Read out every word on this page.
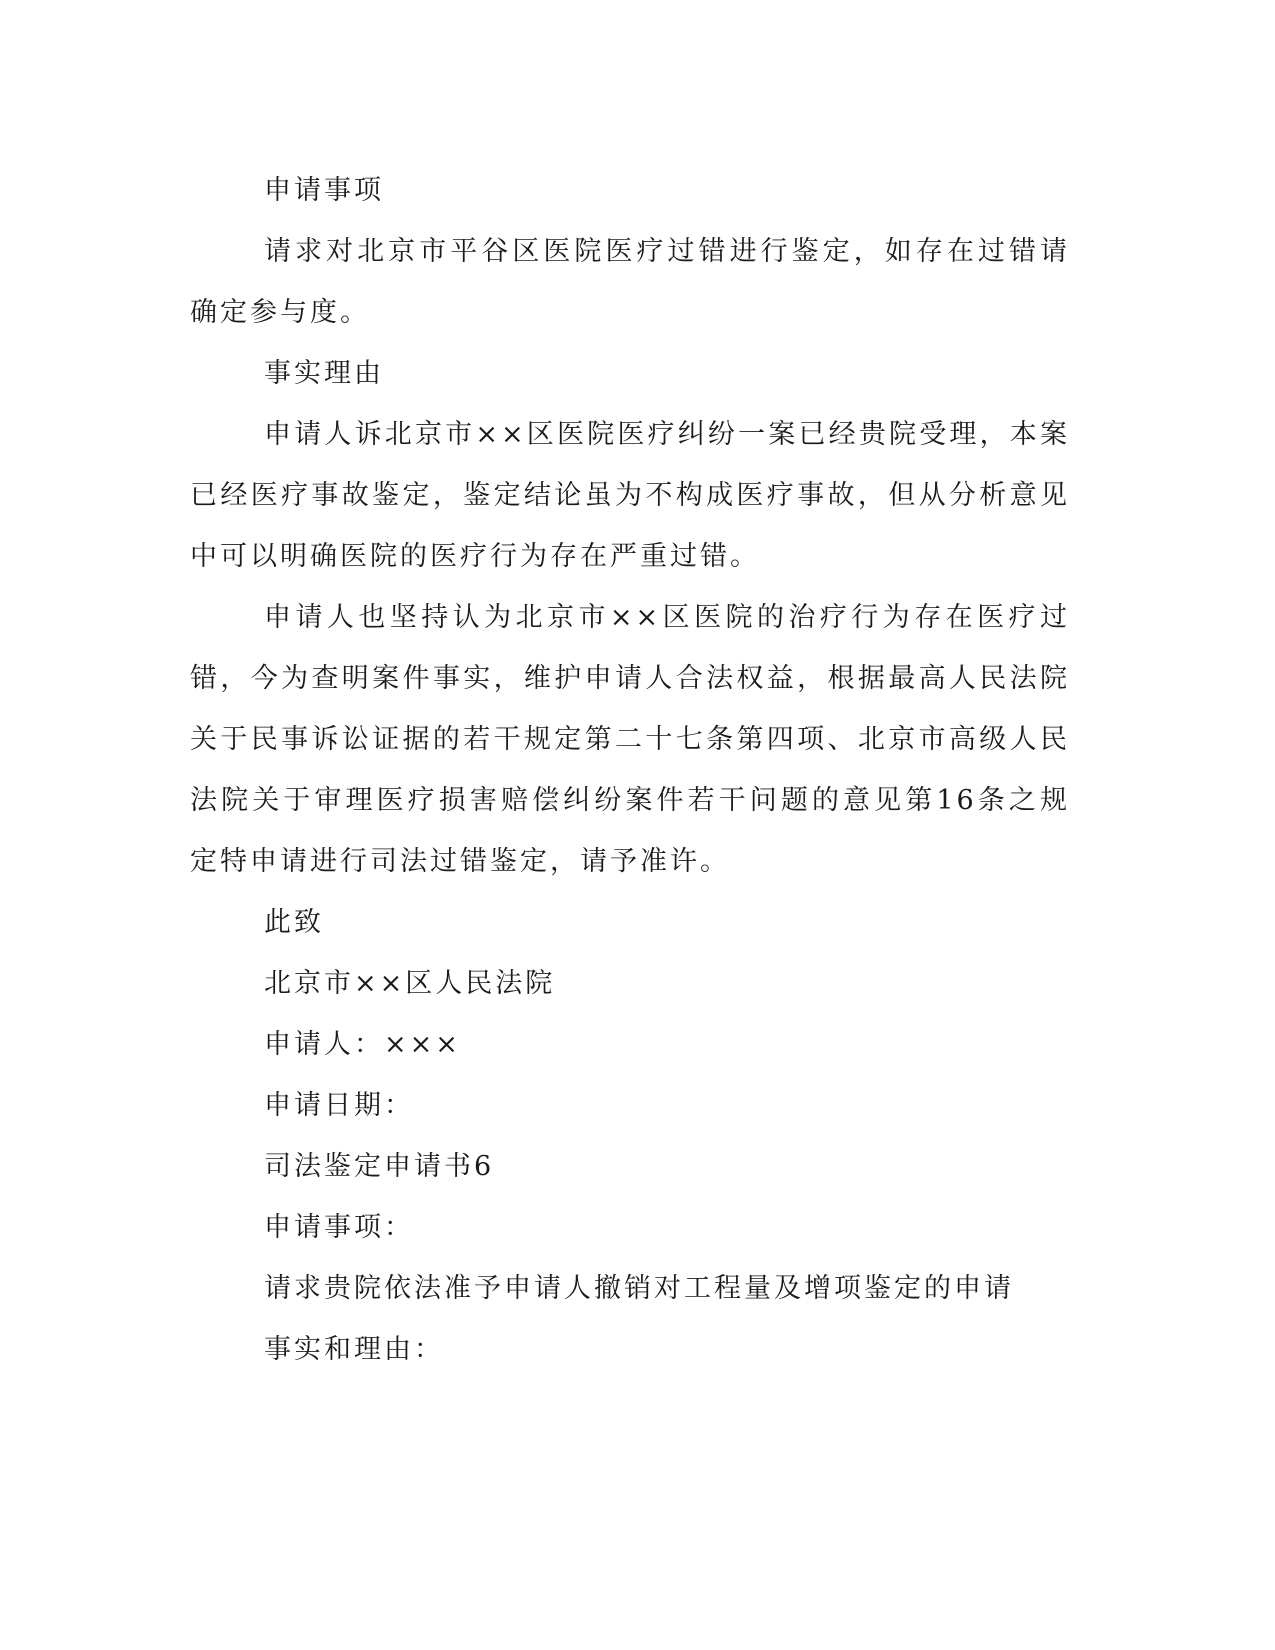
申请事项

请求对北京市平谷区医院医疗过错进行鉴定，如存在过错请确定参与度。

事实理由

申请人诉北京市××区医院医疗纠纷一案已经贵院受理，本案已经医疗事故鉴定，鉴定结论虽为不构成医疗事故，但从分析意见中可以明确医院的医疗行为存在严重过错。

申请人也坚持认为北京市××区医院的治疗行为存在医疗过错，今为查明案件事实，维护申请人合法权益，根据最高人民法院关于民事诉讼证据的若干规定第二十七条第四项、北京市高级人民法院关于审理医疗损害赔偿纠纷案件若干问题的意见第16条之规定特申请进行司法过错鉴定，请予准许。

此致

北京市××区人民法院

申请人：×××

申请日期：

司法鉴定申请书6

申请事项：

请求贵院依法准予申请人撤销对工程量及增项鉴定的申请

事实和理由：
